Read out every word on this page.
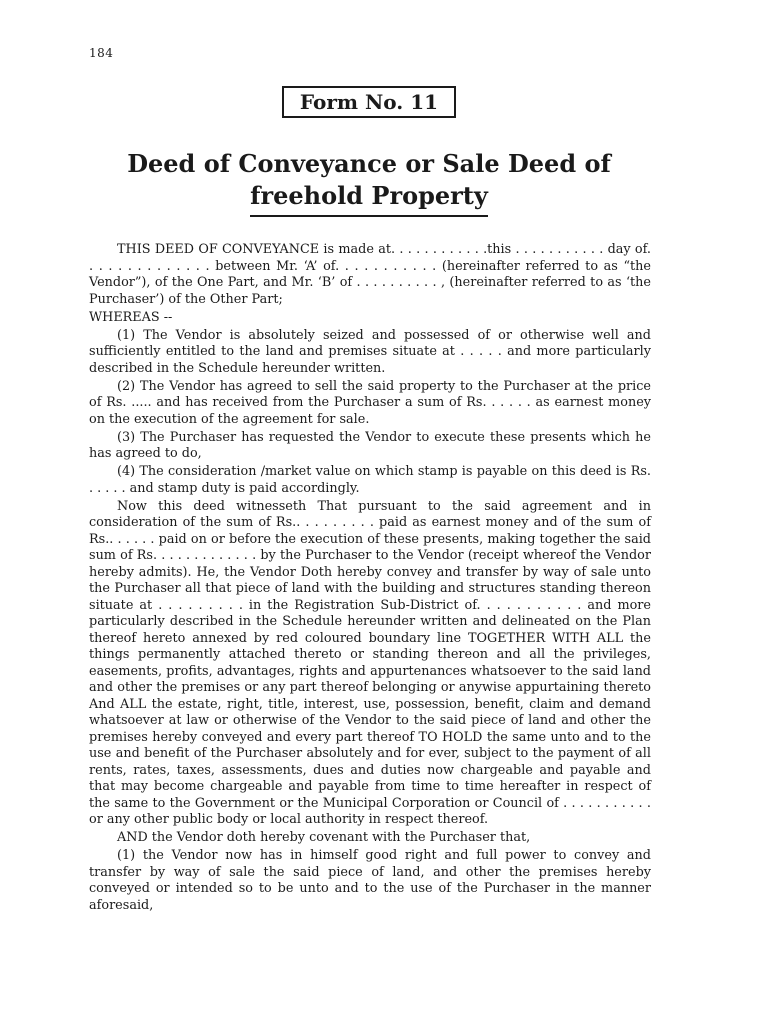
184
Form No. 11
Deed of Conveyance or Sale Deed of
freehold Property

THIS DEED OF CONVEYANCE is made at. . . . . . . . . . . .this . . . . . . . . . . . day of. . . . . . . . . . . . . . between Mr. ‘A’ of. . . . . . . . . . . (hereinafter referred to as “the Vendor”), of the One Part, and Mr. ‘B’ of . . . . . . . . . . , (hereinafter referred to as ‘the Purchaser’) of the Other Part;

WHEREAS --

(1) The Vendor is absolutely seized and possessed of or otherwise well and sufficiently entitled to the land and premises situate at . . . . . and more particularly described in the Schedule hereunder written.

(2) The Vendor has agreed to sell the said property to the Purchaser at the price of Rs. ..... and has received from the Purchaser a sum of Rs. . . . . . as earnest money on the execution of the agreement for sale.

(3) The Purchaser has requested the Vendor to execute these presents which he has agreed to do,

(4) The consideration /market value on which stamp is payable on this deed is Rs. . . . . . and stamp duty is paid accordingly.

Now this deed witnesseth That pursuant to the said agreement and in consideration of the sum of Rs.. . . . . . . . . paid as earnest money and of the sum of Rs.. . . . . . paid on or before the execution of these presents, making together the said sum of Rs. . . . . . . . . . . . . by the Purchaser to the Vendor (receipt whereof the Vendor hereby admits). He, the Vendor Doth hereby convey and transfer by way of sale unto the Purchaser all that piece of land with the building and structures standing thereon situate at . . . . . . . . . in the Registration Sub-District of. . . . . . . . . . . and more particularly described in the Schedule hereunder written and delineated on the Plan thereof hereto annexed by red coloured boundary line TOGETHER WITH ALL the things permanently attached thereto or standing thereon and all the privileges, easements, profits, advantages, rights and appurtenances whatsoever to the said land and other the premises or any part thereof belonging or anywise appurtaining thereto And ALL the estate, right, title, interest, use, possession, benefit, claim and demand whatsoever at law or otherwise of the Vendor to the said piece of land and other the premises hereby conveyed and every part thereof TO HOLD the same unto and to the use and benefit of the Purchaser absolutely and for ever, subject to the payment of all rents, rates, taxes, assessments, dues and duties now chargeable and payable and that may become chargeable and payable from time to time hereafter in respect of the same to the Government or the Municipal Corporation or Council of . . . . . . . . . . . or any other public body or local authority in respect thereof.

AND the Vendor doth hereby covenant with the Purchaser that,

(1) the Vendor now has in himself good right and full power to convey and transfer by way of sale the said piece of land, and other the premises hereby conveyed or intended so to be unto and to the use of the Purchaser in the manner aforesaid,
